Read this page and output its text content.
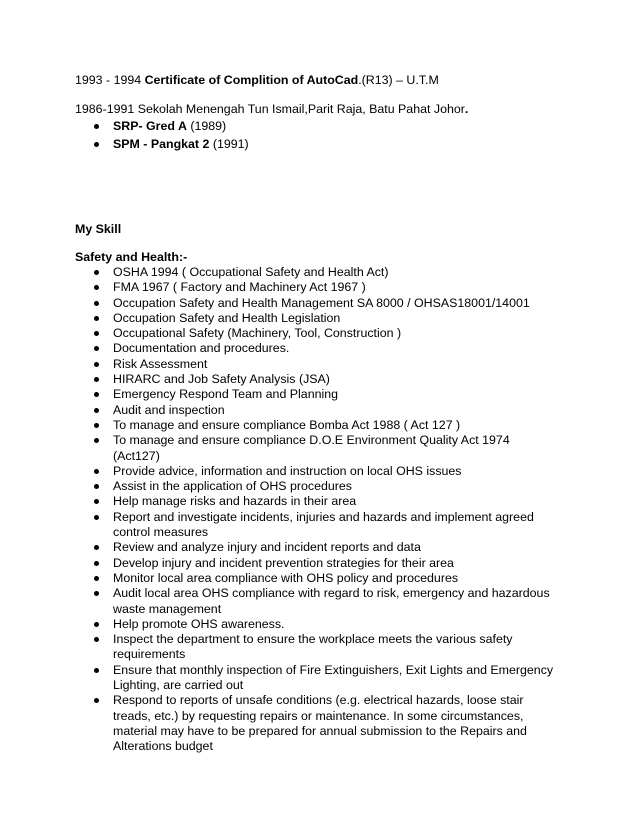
1993 - 1994 Certificate of Complition of AutoCad.(R13) – U.T.M
1986-1991 Sekolah Menengah Tun Ismail,Parit Raja, Batu Pahat Johor.
SRP- Gred A (1989)
SPM - Pangkat 2 (1991)
My Skill
Safety and Health:-
OSHA 1994 ( Occupational Safety and Health Act)
FMA 1967 ( Factory and Machinery Act 1967 )
Occupation Safety and Health Management SA 8000 / OHSAS18001/14001
Occupation Safety and Health Legislation
Occupational Safety (Machinery, Tool, Construction )
Documentation and procedures.
Risk Assessment
HIRARC and Job Safety Analysis (JSA)
Emergency Respond Team and Planning
Audit and inspection
To manage and ensure compliance Bomba Act 1988 ( Act 127 )
To manage and ensure compliance D.O.E Environment Quality Act 1974 (Act127)
Provide advice, information and instruction on local OHS issues
Assist in the application of OHS procedures
Help manage risks and hazards in their area
Report and investigate incidents, injuries and hazards and implement agreed control measures
Review and analyze injury and incident reports and data
Develop injury and incident prevention strategies for their area
Monitor local area compliance with OHS policy and procedures
Audit local area OHS compliance with regard to risk, emergency and hazardous waste management
Help promote OHS awareness.
Inspect the department to ensure the workplace meets the various safety requirements
Ensure that monthly inspection of Fire Extinguishers, Exit Lights and Emergency Lighting, are carried out
Respond to reports of unsafe conditions (e.g. electrical hazards, loose stair treads, etc.) by requesting repairs or maintenance. In some circumstances, material may have to be prepared for annual submission to the Repairs and Alterations budget
